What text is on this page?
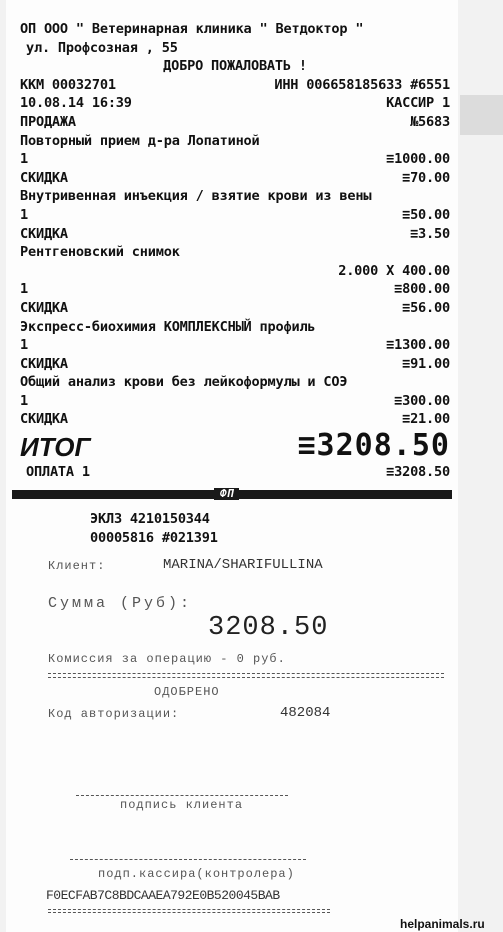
ОП ООО " Ветеринарная клиника " Ветдоктор "
ул. Профсозная , 55
ДОБРО ПОЖАЛОВАТЬ !
ККМ 00032701	ИНН 006658185633 #6551
10.08.14 16:39	КАССИР 1
ПРОДАЖА	№5683
Повторный прием д-ра Лопатиной
1	≡1000.00
СКИДКА	≡70.00
Внутривенная инъекция / взятие крови из вены
1	≡50.00
СКИДКА	≡3.50
Рентгеновский снимок
2.000 X 400.00
1	≡800.00
СКИДКА	≡56.00
Экспресс-биохимия КОМПЛЕКСНЫЙ профиль
1	≡1300.00
СКИДКА	≡91.00
Общий анализ крови без лейкоформулы и СОЭ
1	≡300.00
СКИДКА	≡21.00
ИТОГ	≡3208.50
ОПЛАТА 1	≡3208.50
ФП
ЭКЛЗ 4210150344
00005816 #021391
Клиент:	MARINA/SHARIFULLINA
Сумма (Руб):
3208.50
Комиссия за операцию - 0 руб.
ОДОБРЕНО
Код авторизации:	482084
подпись клиента
подп.кассира(контролера)
F0ECFAB7C8BDCAAEA792E0B520045BAB
helpanimals.ru
